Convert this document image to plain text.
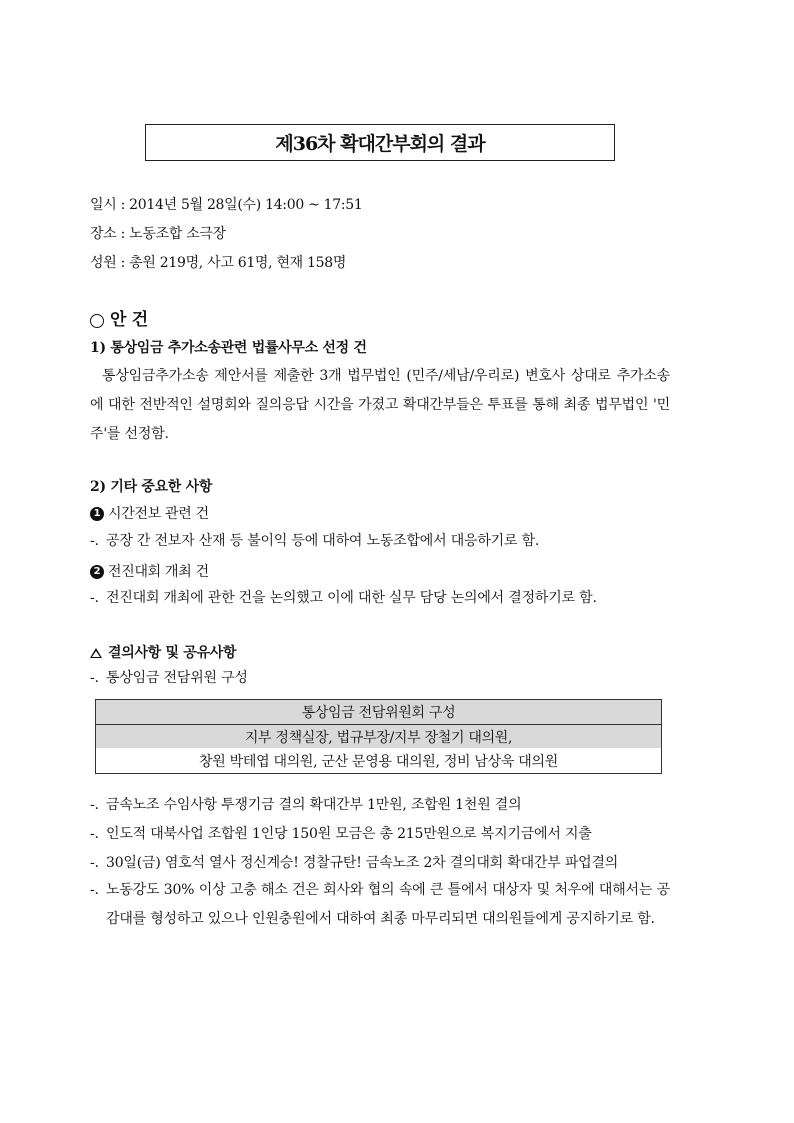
제36차 확대간부회의 결과
일시 : 2014년 5월 28일(수) 14:00 ~ 17:51
장소 : 노동조합 소극장
성원 : 총원 219명, 사고 61명, 현재 158명
안 건
1) 통상임금 추가소송관련 법률사무소 선정 건
통상임금추가소송 제안서를 제출한 3개 법무법인 (민주/세남/우리로) 변호사 상대로 추가소송에 대한 전반적인 설명회와 질의응답 시간을 가졌고 확대간부들은 투표를 통해 최종 법무법인 '민주'를 선정함.
2) 기타 중요한 사항
1 시간전보 관련 건
-. 공장 간 전보자 산재 등 불이익 등에 대하여 노동조합에서 대응하기로 함.
2 전진대회 개최 건
-. 전진대회 개최에 관한 건을 논의했고 이에 대한 실무 담당 논의에서 결정하기로 함.
결의사항 및 공유사항
-. 통상임금 전담위원 구성
통상임금 전담위원회 구성
지부 정책실장, 법규부장/지부 장철기 대의원,
창원 박테엽 대의원, 군산 문영용 대의원, 정비 남상욱 대의원
-. 금속노조 수임사항 투쟁기금 결의 확대간부 1만원, 조합원 1천원 결의
-. 인도적 대북사업 조합원 1인당 150원 모금은 총 215만원으로 복지기금에서 지출
-. 30일(금) 염호석 열사 정신계승! 경찰규탄! 금속노조 2차 결의대회 확대간부 파업결의
-. 노동강도 30% 이상 고충 해소 건은 회사와 협의 속에 큰 틀에서 대상자 및 처우에 대해서는 공감대를 형성하고 있으나 인원충원에서 대하여 최종 마무리되면 대의원들에게 공지하기로 함.
